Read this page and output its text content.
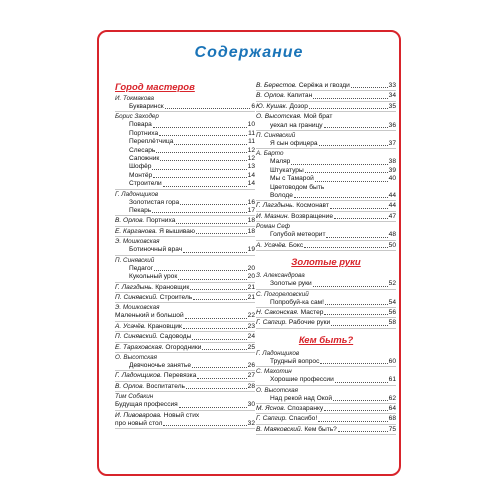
Содержание
Город мастеров
И. Токмакова
Букваринск	6
Борис Заходер
Повара	10
Портниха	11
Переплётчица	11
Слесарь	12
Сапожник	12
Шофёр	13
Монтёр	14
Строители	14
Г. Ладонщиков
Золотистая гора	16
Пекарь	17
В. Орлов. Портниха	18
Е. Карганова. Я вышиваю	18
Э. Мошковская
Ботиночный врач	19
П. Синявский
Педагог	20
Кукольный урок	20
Г. Лагздынь. Крановщик	21
П. Синявский. Строитель	21
Э. Мошковская
Маленький и большой	22
А. Усачёв. Крановщик	23
П. Синявский. Садоводы	24
Е. Тараховская. Огородники	25
О. Высотская
Девчоночье занятье	26
Г. Ладонщиков. Перевязка	27
В. Орлов. Воспитатель	28
Тим Собакин
Будущая профессия	30
И. Пивоварова. Новый стих
про новый стол	32
В. Берестов. Серёжа и гвозди	33
В. Орлов. Капитан	34
Ю. Кушак. Дозор	35
О. Высотская. Мой брат
уехал на границу	36
П. Синявский
Я сын офицера	37
А. Барто
Маляр	38
Штукатуры	39
Мы с Тамарой	40
Цветоводом быть
Володе	44
Г. Лагздынь. Космонавт	44
И. Мазнин. Возвращение	47
Роман Сеф
Голубой метеорит	48
А. Усачёв. Бокс	50
Золотые руки
З. Александрова
Золотые руки	52
С. Погореловский
Попробуй-ка сам!	54
Н. Саконская. Мастер	56
Г. Сапгир. Рабочие руки	58
Кем быть?
Г. Ладонщиков
Трудный вопрос	60
С. Махотин
Хорошие профессии	61
О. Высотская
Над рекой над Окой	62
М. Яснов. Спозаранку	64
Г. Сапгир. Спасибо!	68
В. Маяковский. Кем быть?	75
